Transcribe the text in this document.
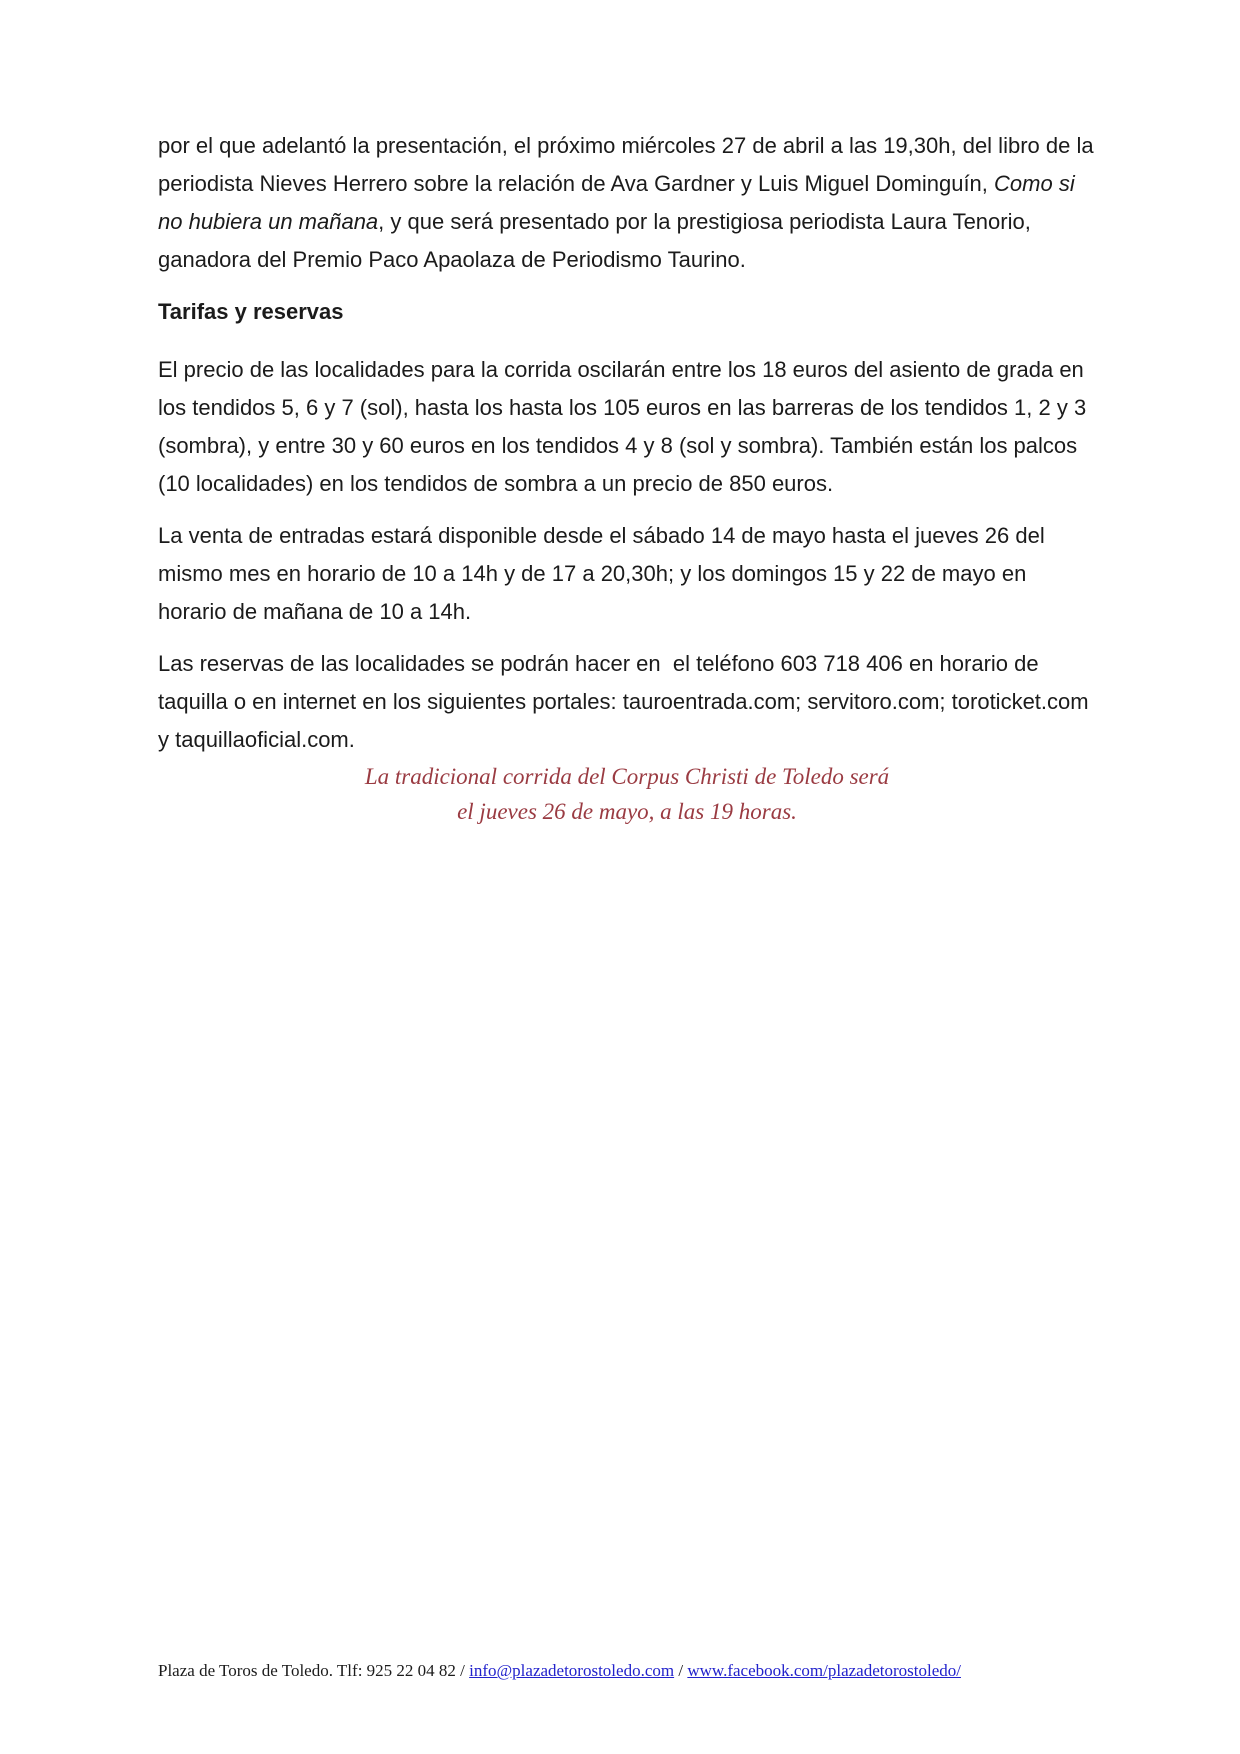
por el que adelantó la presentación, el próximo miércoles 27 de abril a las 19,30h, del libro de la periodista Nieves Herrero sobre la relación de Ava Gardner y Luis Miguel Dominguín, Como si no hubiera un mañana, y que será presentado por la prestigiosa periodista Laura Tenorio, ganadora del Premio Paco Apaolaza de Periodismo Taurino.

Tarifas y reservas

El precio de las localidades para la corrida oscilarán entre los 18 euros del asiento de grada en los tendidos 5, 6 y 7 (sol), hasta los hasta los 105 euros en las barreras de los tendidos 1, 2 y 3 (sombra), y entre 30 y 60 euros en los tendidos 4 y 8 (sol y sombra). También están los palcos (10 localidades) en los tendidos de sombra a un precio de 850 euros.

La venta de entradas estará disponible desde el sábado 14 de mayo hasta el jueves 26 del mismo mes en horario de 10 a 14h y de 17 a 20,30h; y los domingos 15 y 22 de mayo en horario de mañana de 10 a 14h.

Las reservas de las localidades se podrán hacer en  el teléfono 603 718 406 en horario de taquilla o en internet en los siguientes portales: tauroentrada.com; servitoro.com; toroticket.com y taquillaoficial.com.

La tradicional corrida del Corpus Christi de Toledo será
el jueves 26 de mayo, a las 19 horas.
Plaza de Toros de Toledo. Tlf: 925 22 04 82 / info@plazadetorostoledo.com / www.facebook.com/plazadetorostoledo/
